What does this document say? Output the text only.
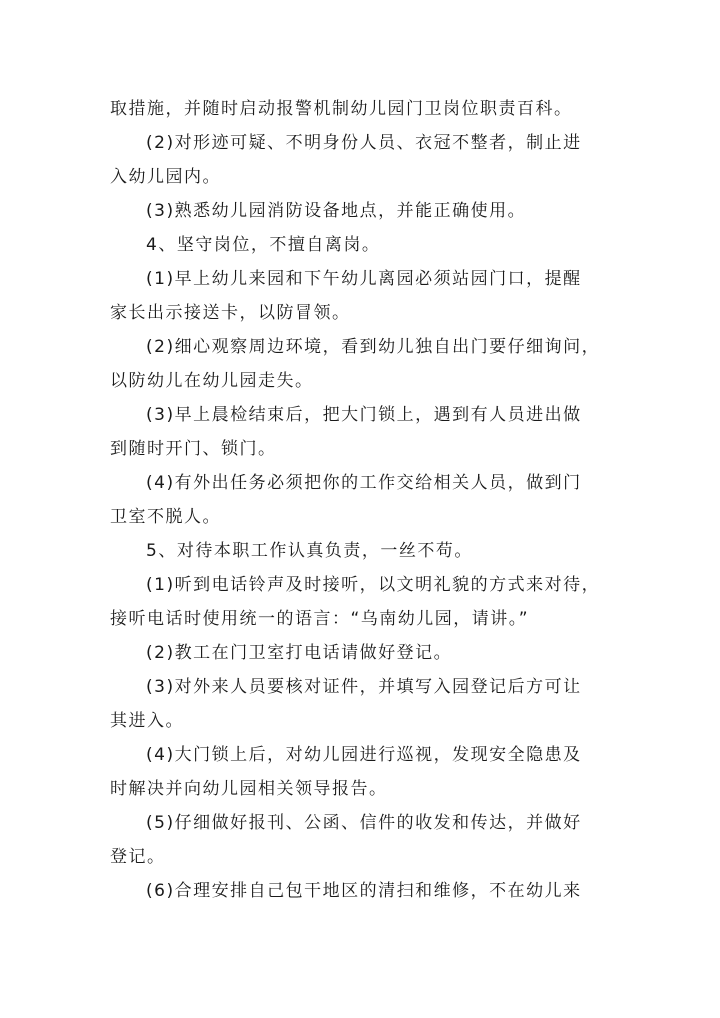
取措施，并随时启动报警机制幼儿园门卫岗位职责百科。
(2)对形迹可疑、不明身份人员、衣冠不整者，制止进
入幼儿园内。
(3)熟悉幼儿园消防设备地点，并能正确使用。
4、坚守岗位，不擅自离岗。
(1)早上幼儿来园和下午幼儿离园必须站园门口，提醒
家长出示接送卡，以防冒领。
(2)细心观察周边环境，看到幼儿独自出门要仔细询问，
以防幼儿在幼儿园走失。
(3)早上晨检结束后，把大门锁上，遇到有人员进出做
到随时开门、锁门。
(4)有外出任务必须把你的工作交给相关人员，做到门
卫室不脱人。
5、对待本职工作认真负责，一丝不苟。
(1)听到电话铃声及时接听，以文明礼貌的方式来对待，
接听电话时使用统一的语言：“乌南幼儿园，请讲。”
(2)教工在门卫室打电话请做好登记。
(3)对外来人员要核对证件，并填写入园登记后方可让
其进入。
(4)大门锁上后，对幼儿园进行巡视，发现安全隐患及
时解决并向幼儿园相关领导报告。
(5)仔细做好报刊、公函、信件的收发和传达，并做好
登记。
(6)合理安排自己包干地区的清扫和维修，不在幼儿来
